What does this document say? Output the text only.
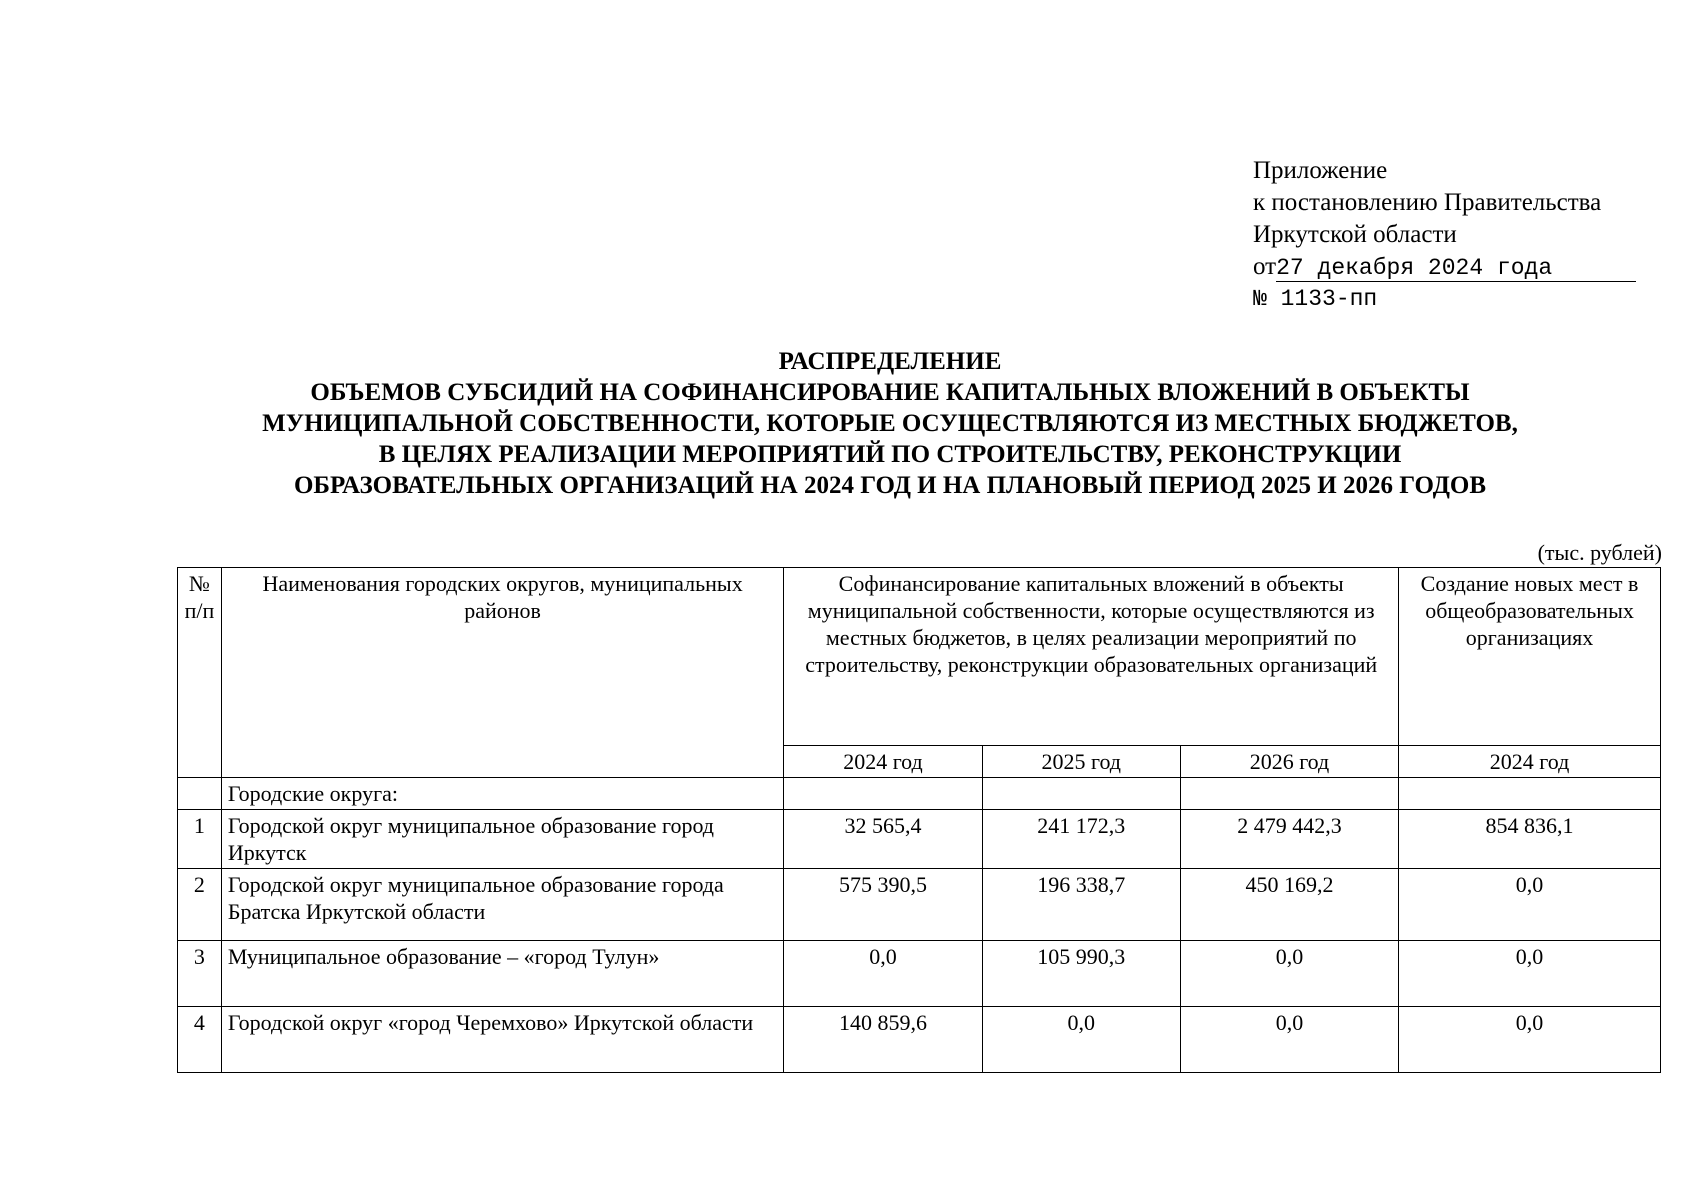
Приложение
к постановлению Правительства
Иркутской области
от27 декабря 2024 года
№ 1133-пп
РАСПРЕДЕЛЕНИЕ
ОБЪЕМОВ СУБСИДИЙ НА СОФИНАНСИРОВАНИЕ КАПИТАЛЬНЫХ ВЛОЖЕНИЙ В ОБЪЕКТЫ
МУНИЦИПАЛЬНОЙ СОБСТВЕННОСТИ, КОТОРЫЕ ОСУЩЕСТВЛЯЮТСЯ ИЗ МЕСТНЫХ БЮДЖЕТОВ,
В ЦЕЛЯХ РЕАЛИЗАЦИИ МЕРОПРИЯТИЙ ПО СТРОИТЕЛЬСТВУ, РЕКОНСТРУКЦИИ
ОБРАЗОВАТЕЛЬНЫХ ОРГАНИЗАЦИЙ НА 2024 ГОД И НА ПЛАНОВЫЙ ПЕРИОД 2025 И 2026 ГОДОВ
(тыс. рублей)
№ п/п	Наименования городских округов, муниципальных районов	Софинансирование капитальных вложений в объекты муниципальной собственности, которые осуществляются из местных бюджетов, в целях реализации мероприятий по строительству, реконструкции образовательных организаций			Создание новых мест в общеобразовательных организациях
		2024 год	2025 год	2026 год	2024 год
	Городские округа:				
1	Городской округ муниципальное образование город Иркутск	32 565,4	241 172,3	2 479 442,3	854 836,1
2	Городской округ муниципальное образование города Братска Иркутской области	575 390,5	196 338,7	450 169,2	0,0
3	Муниципальное образование – «город Тулун»	0,0	105 990,3	0,0	0,0
4	Городской округ «город Черемхово» Иркутской области	140 859,6	0,0	0,0	0,0
